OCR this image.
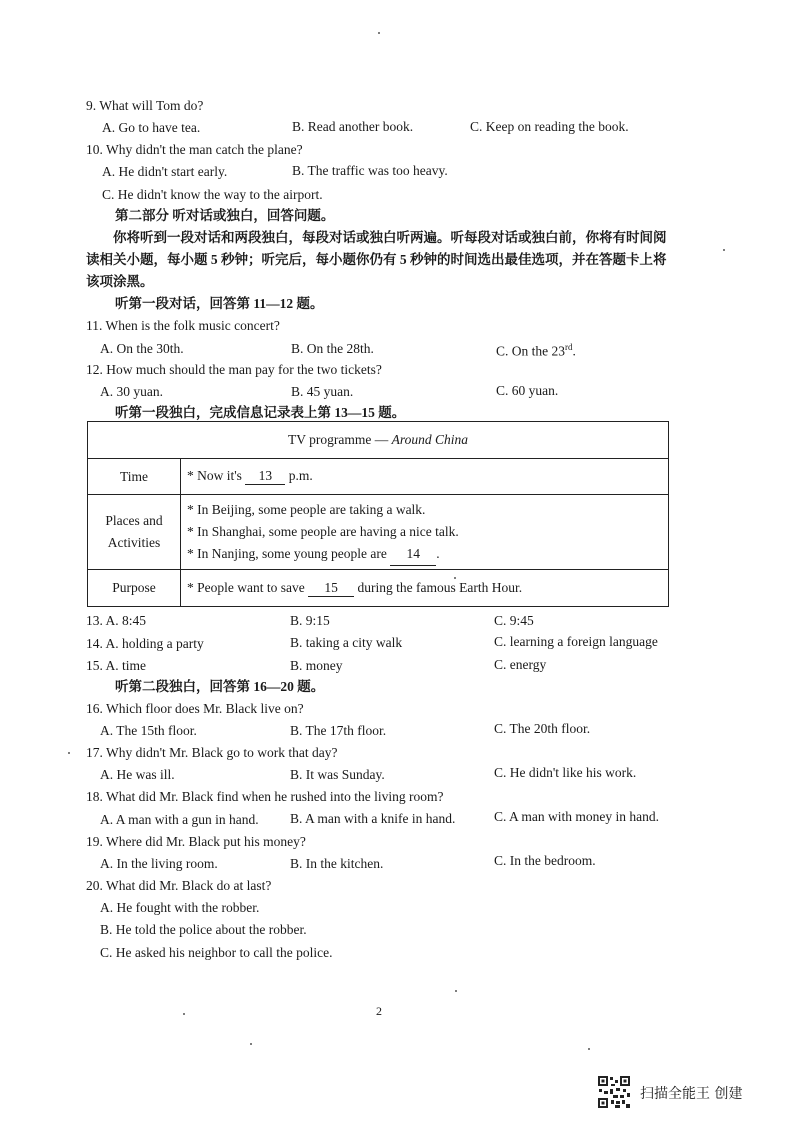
9. What will Tom do?
A. Go to have tea.	B. Read another book.	C. Keep on reading the book.
10. Why didn't the man catch the plane?
A. He didn't start early.	B. The traffic was too heavy.
C. He didn't know the way to the airport.
第二部分 听对话或独白，回答问题。

你将听到一段对话和两段独白，每段对话或独白听两遍。听每段对话或独白前，你将有时间阅读相关小题，每小题 5 秒钟；听完后，每小题你仍有 5 秒钟的时间选出最佳选项，并在答题卡上将该项涂黑。

听第一段对话，回答第 11—12 题。
11. When is the folk music concert?
A. On the 30th.	B. On the 28th.	C. On the 23rd.
12. How much should the man pay for the two tickets?
A. 30 yuan.	B. 45 yuan.	C. 60 yuan.
听第一段独白，完成信息记录表上第 13—15 题。
TV programme — Around China	
Time	* Now it's 13 p.m.
Places and Activities	* In Beijing, some people are taking a walk.
* In Shanghai, some people are having a nice talk.
* In Nanjing, some young people are 14 .

Purpose	* People want to save 15 during the famous Earth Hour.
13. A. 8:45	B. 9:15	C. 9:45
14. A. holding a party	B. taking a city walk	C. learning a foreign language
15. A. time	B. money	C. energy
听第二段独白，回答第 16—20 题。
16. Which floor does Mr. Black live on?
A. The 15th floor.	B. The 17th floor.	C. The 20th floor.
17. Why didn't Mr. Black go to work that day?
A. He was ill.	B. It was Sunday.	C. He didn't like his work.
18. What did Mr. Black find when he rushed into the living room?
A. A man with a gun in hand. B. A man with a knife in hand.	C. A man with money in hand.
19. Where did Mr. Black put his money?
A. In the living room.	B. In the kitchen.	C. In the bedroom.
20. What did Mr. Black do at last?
A. He fought with the robber.
B. He told the police about the robber.
C. He asked his neighbor to call the police.
2
扫描全能王 创建
